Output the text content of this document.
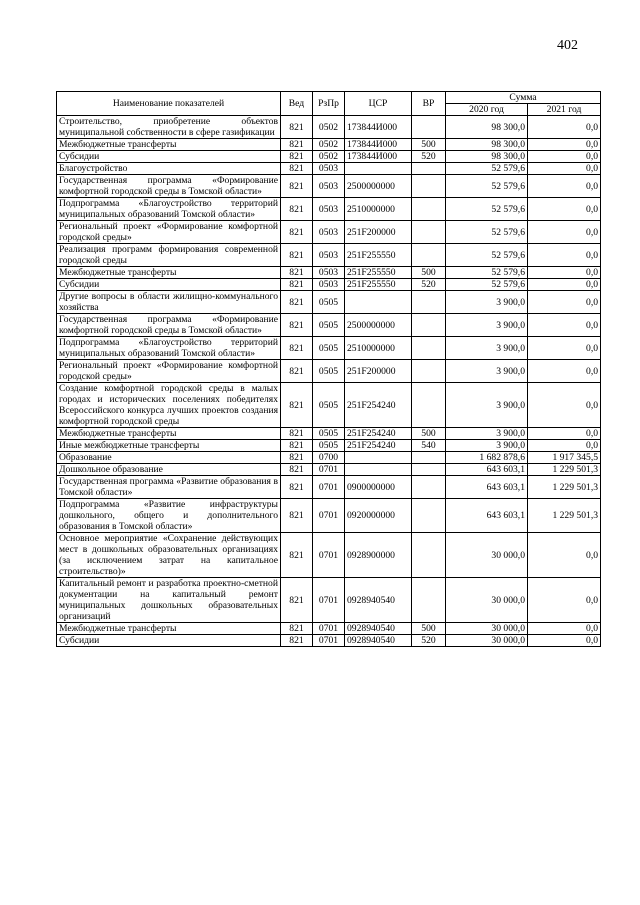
402
Наименование показателей	Вед	РзПр	ЦСР	ВР	Сумма	
					2020 год	2021 год
Строительство, приобретение объектов муниципальной собственности в сфере газификации	821	0502	173844И000		98 300,0	0,0
Межбюджетные трансферты	821	0502	173844И000	500	98 300,0	0,0
Субсидии	821	0502	173844И000	520	98 300,0	0,0
Благоустройство	821	0503			52 579,6	0,0
Государственная программа «Формирование комфортной городской среды в Томской области»	821	0503	2500000000		52 579,6	0,0
Подпрограмма «Благоустройство территорий муниципальных образований Томской области»	821	0503	2510000000		52 579,6	0,0
Региональный проект «Формирование комфортной городской среды»	821	0503	251F200000		52 579,6	0,0
Реализация программ формирования современной городской среды	821	0503	251F255550		52 579,6	0,0
Межбюджетные трансферты	821	0503	251F255550	500	52 579,6	0,0
Субсидии	821	0503	251F255550	520	52 579,6	0,0
Другие вопросы в области жилищно-коммунального хозяйства	821	0505			3 900,0	0,0
Государственная программа «Формирование комфортной городской среды в Томской области»	821	0505	2500000000		3 900,0	0,0
Подпрограмма «Благоустройство территорий муниципальных образований Томской области»	821	0505	2510000000		3 900,0	0,0
Региональный проект «Формирование комфортной городской среды»	821	0505	251F200000		3 900,0	0,0
Создание комфортной городской среды в малых городах и исторических поселениях победителях Всероссийского конкурса лучших проектов создания комфортной городской среды	821	0505	251F254240		3 900,0	0,0
Межбюджетные трансферты	821	0505	251F254240	500	3 900,0	0,0
Иные межбюджетные трансферты	821	0505	251F254240	540	3 900,0	0,0
Образование	821	0700			1 682 878,6	1 917 345,5
Дошкольное образование	821	0701			643 603,1	1 229 501,3
Государственная программа «Развитие образования в Томской области»	821	0701	0900000000		643 603,1	1 229 501,3
Подпрограмма «Развитие инфраструктуры дошкольного, общего и дополнительного образования в Томской области»	821	0701	0920000000		643 603,1	1 229 501,3
Основное мероприятие «Сохранение действующих мест в дошкольных образовательных организациях (за исключением затрат на капитальное строительство)»	821	0701	0928900000		30 000,0	0,0
Капитальный ремонт и разработка проектно-сметной документации на капитальный ремонт муниципальных дошкольных образовательных организаций	821	0701	0928940540		30 000,0	0,0
Межбюджетные трансферты	821	0701	0928940540	500	30 000,0	0,0
Субсидии	821	0701	0928940540	520	30 000,0	0,0
